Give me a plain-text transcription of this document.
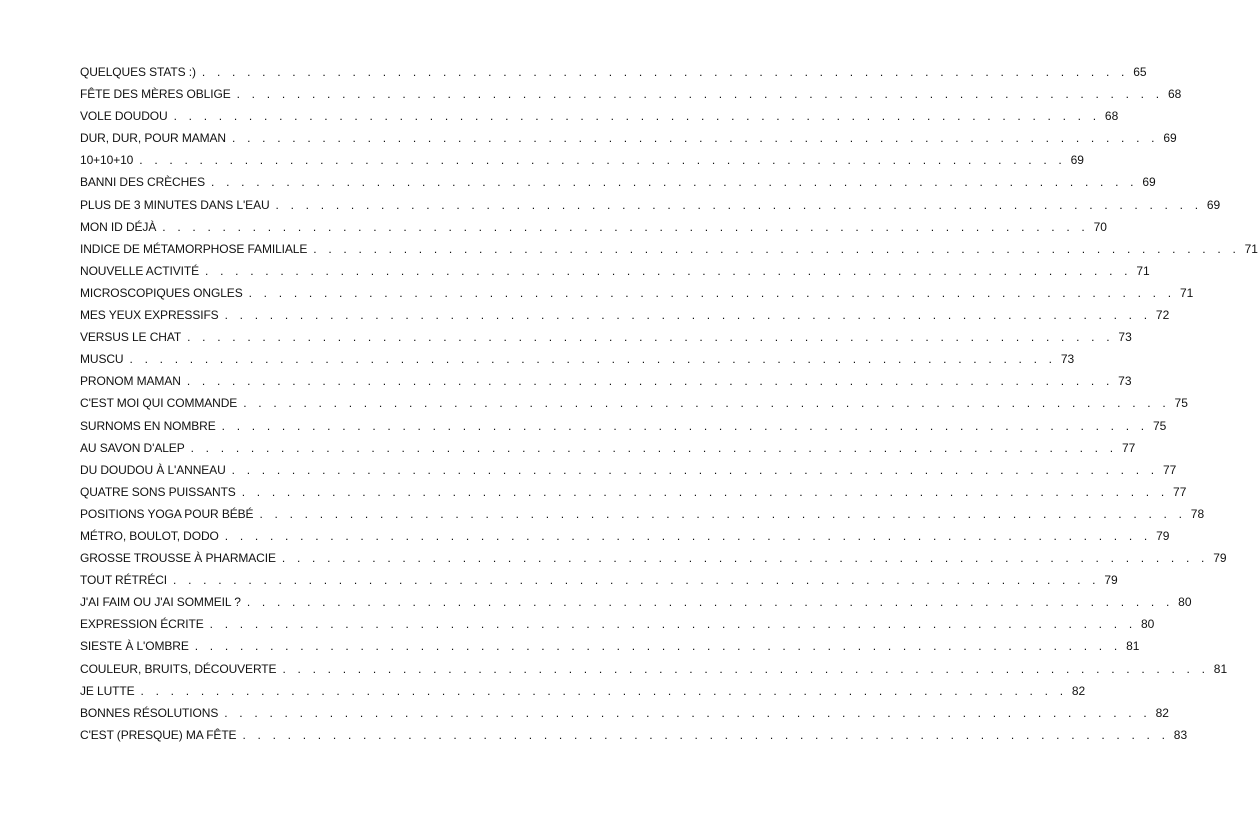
QUELQUES STATS :) . . . . . . . . . . . . . . . . . . . . . . . . . . . . . . . . . . . . . . . . . . . . . . . . . . . . . . . . . . . . . . 65
FÊTE DES MÈRES OBLIGE . . . . . . . . . . . . . . . . . . . . . . . . . . . . . . . . . . . . . . . . . . . . . . . . . . . . . . . . . . . . . . 68
VOLE DOUDOU . . . . . . . . . . . . . . . . . . . . . . . . . . . . . . . . . . . . . . . . . . . . . . . . . . . . . . . . . . . . . . 68
DUR, DUR, POUR MAMAN . . . . . . . . . . . . . . . . . . . . . . . . . . . . . . . . . . . . . . . . . . . . . . . . . . . . . . . . . . . . . . 69
10+10+10 . . . . . . . . . . . . . . . . . . . . . . . . . . . . . . . . . . . . . . . . . . . . . . . . . . . . . . . . . . . . . . 69
BANNI DES CRÈCHES . . . . . . . . . . . . . . . . . . . . . . . . . . . . . . . . . . . . . . . . . . . . . . . . . . . . . . . . . . . . . . 69
PLUS DE 3 MINUTES DANS L'EAU . . . . . . . . . . . . . . . . . . . . . . . . . . . . . . . . . . . . . . . . . . . . . . . . . . . . . . . . . . . . . . 69
MON ID DÉJÀ . . . . . . . . . . . . . . . . . . . . . . . . . . . . . . . . . . . . . . . . . . . . . . . . . . . . . . . . . . . . . . 70
INDICE DE MÉTAMORPHOSE FAMILIALE . . . . . . . . . . . . . . . . . . . . . . . . . . . . . . . . . . . . . . . . . . . . . . . . . . . . . . . . . . . . . . 71
NOUVELLE ACTIVITÉ . . . . . . . . . . . . . . . . . . . . . . . . . . . . . . . . . . . . . . . . . . . . . . . . . . . . . . . . . . . . . . 71
MICROSCOPIQUES ONGLES . . . . . . . . . . . . . . . . . . . . . . . . . . . . . . . . . . . . . . . . . . . . . . . . . . . . . . . . . . . . . . 71
MES YEUX EXPRESSIFS . . . . . . . . . . . . . . . . . . . . . . . . . . . . . . . . . . . . . . . . . . . . . . . . . . . . . . . . . . . . . . 72
VERSUS LE CHAT . . . . . . . . . . . . . . . . . . . . . . . . . . . . . . . . . . . . . . . . . . . . . . . . . . . . . . . . . . . . . . 73
MUSCU . . . . . . . . . . . . . . . . . . . . . . . . . . . . . . . . . . . . . . . . . . . . . . . . . . . . . . . . . . . . . . 73
PRONOM MAMAN . . . . . . . . . . . . . . . . . . . . . . . . . . . . . . . . . . . . . . . . . . . . . . . . . . . . . . . . . . . . . . 73
C'EST MOI QUI COMMANDE . . . . . . . . . . . . . . . . . . . . . . . . . . . . . . . . . . . . . . . . . . . . . . . . . . . . . . . . . . . . . . 75
SURNOMS EN NOMBRE . . . . . . . . . . . . . . . . . . . . . . . . . . . . . . . . . . . . . . . . . . . . . . . . . . . . . . . . . . . . . . 75
AU SAVON D'ALEP . . . . . . . . . . . . . . . . . . . . . . . . . . . . . . . . . . . . . . . . . . . . . . . . . . . . . . . . . . . . . . 77
DU DOUDOU À L'ANNEAU . . . . . . . . . . . . . . . . . . . . . . . . . . . . . . . . . . . . . . . . . . . . . . . . . . . . . . . . . . . . . . 77
QUATRE SONS PUISSANTS . . . . . . . . . . . . . . . . . . . . . . . . . . . . . . . . . . . . . . . . . . . . . . . . . . . . . . . . . . . . . . 77
POSITIONS YOGA POUR BÉBÉ . . . . . . . . . . . . . . . . . . . . . . . . . . . . . . . . . . . . . . . . . . . . . . . . . . . . . . . . . . . . . . 78
MÉTRO, BOULOT, DODO . . . . . . . . . . . . . . . . . . . . . . . . . . . . . . . . . . . . . . . . . . . . . . . . . . . . . . . . . . . . . . 79
GROSSE TROUSSE À PHARMACIE . . . . . . . . . . . . . . . . . . . . . . . . . . . . . . . . . . . . . . . . . . . . . . . . . . . . . . . . . . . . . . 79
TOUT RÉTRÉCI . . . . . . . . . . . . . . . . . . . . . . . . . . . . . . . . . . . . . . . . . . . . . . . . . . . . . . . . . . . . . . 79
J'AI FAIM OU J'AI SOMMEIL ? . . . . . . . . . . . . . . . . . . . . . . . . . . . . . . . . . . . . . . . . . . . . . . . . . . . . . . . . . . . . . . 80
EXPRESSION ÉCRITE . . . . . . . . . . . . . . . . . . . . . . . . . . . . . . . . . . . . . . . . . . . . . . . . . . . . . . . . . . . . . . 80
SIESTE À L'OMBRE . . . . . . . . . . . . . . . . . . . . . . . . . . . . . . . . . . . . . . . . . . . . . . . . . . . . . . . . . . . . . . 81
COULEUR, BRUITS, DÉCOUVERTE . . . . . . . . . . . . . . . . . . . . . . . . . . . . . . . . . . . . . . . . . . . . . . . . . . . . . . . . . . . . . . 81
JE LUTTE . . . . . . . . . . . . . . . . . . . . . . . . . . . . . . . . . . . . . . . . . . . . . . . . . . . . . . . . . . . . . . 82
BONNES RÉSOLUTIONS . . . . . . . . . . . . . . . . . . . . . . . . . . . . . . . . . . . . . . . . . . . . . . . . . . . . . . . . . . . . . . 82
C'EST (PRESQUE) MA FÊTE . . . . . . . . . . . . . . . . . . . . . . . . . . . . . . . . . . . . . . . . . . . . . . . . . . . . . . . . . . . . . . 83
